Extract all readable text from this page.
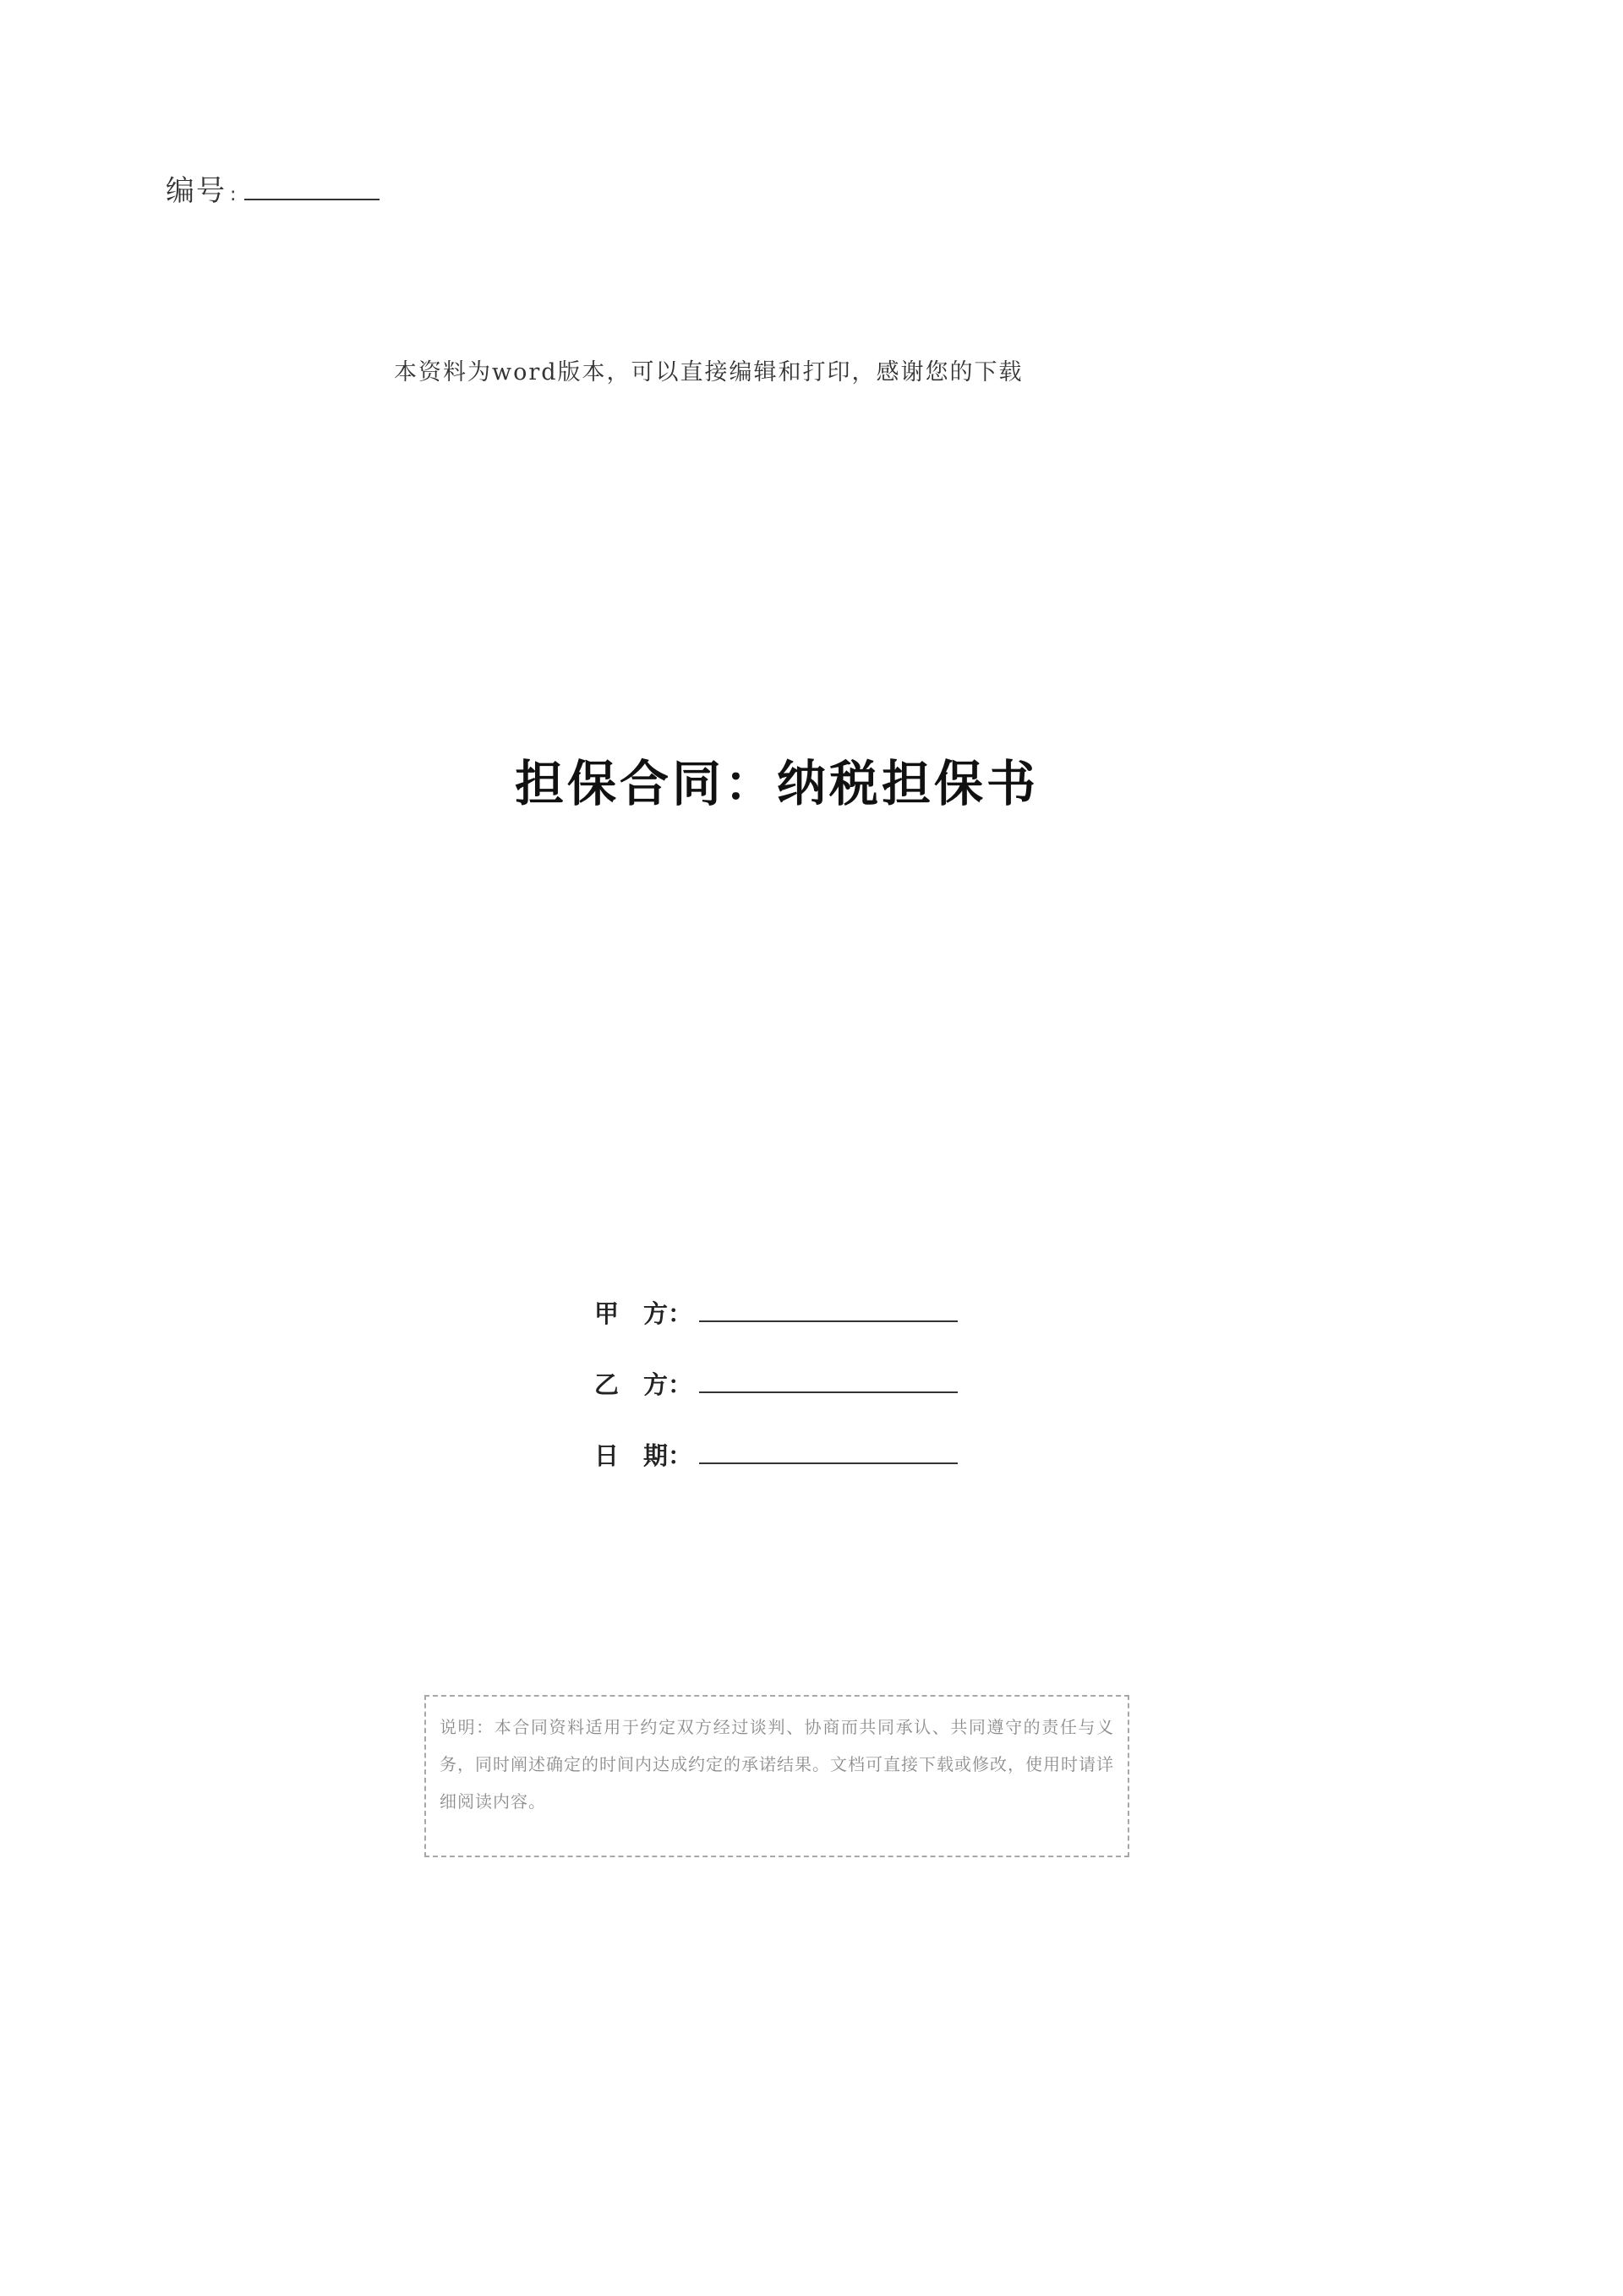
编号 :
本资料为word版本，可以直接编辑和打印，感谢您的下载
担保合同：纳税担保书
甲　方：
乙　方：
日　期：
说明：本合同资料适用于约定双方经过谈判、协商而共同承认、共同遵守的责任与义务，同时阐述确定的时间内达成约定的承诺结果。文档可直接下载或修改，使用时请详细阅读内容。
